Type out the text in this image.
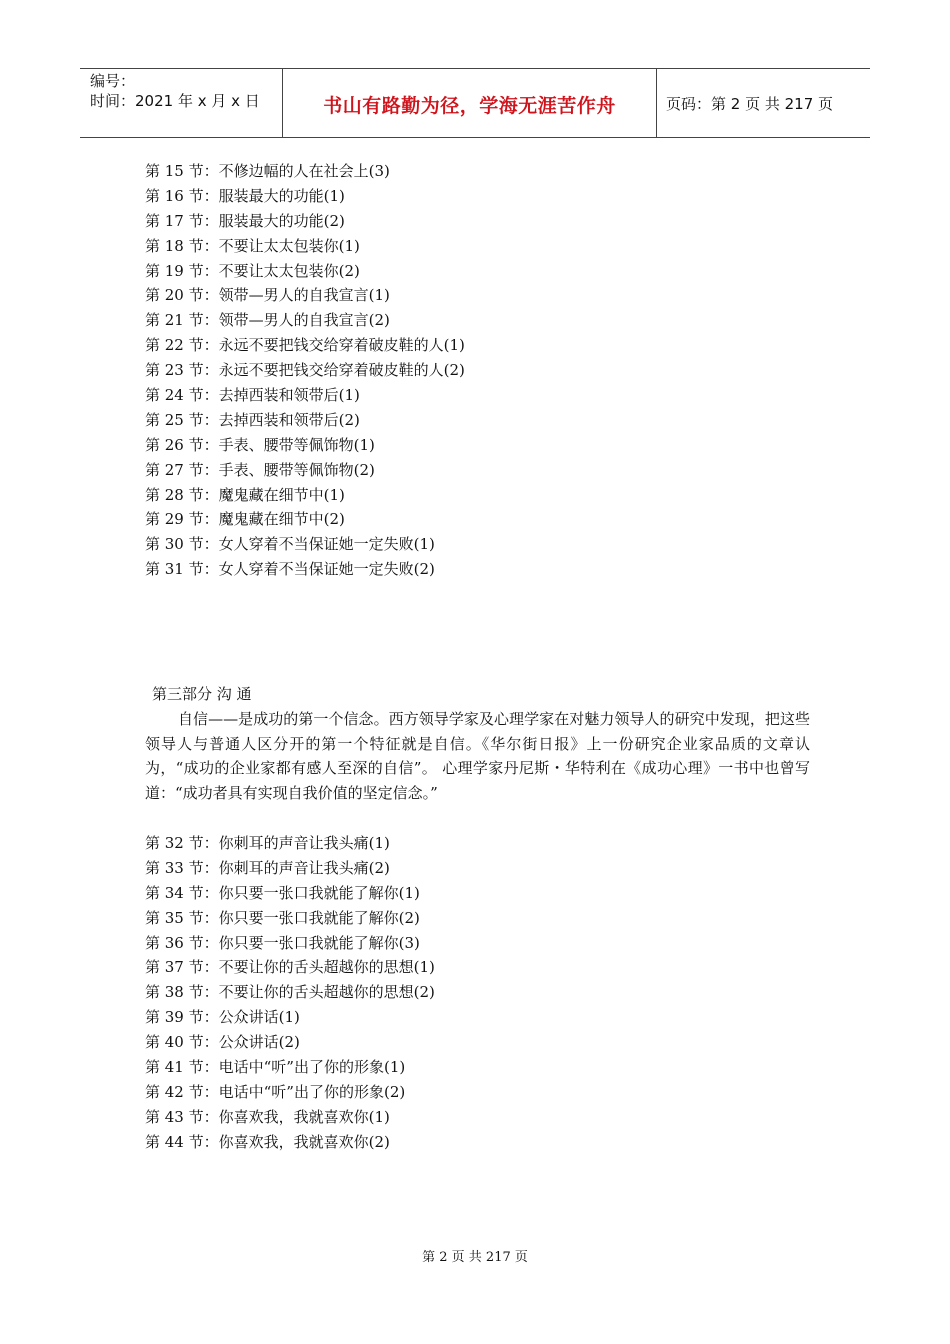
编号：
时间：2021 年 x 月 x 日	书山有路勤为径，学海无涯苦作舟	页码：第 2 页 共 217 页
第 15 节：不修边幅的人在社会上(3)
第 16 节：服装最大的功能(1)
第 17 节：服装最大的功能(2)
第 18 节：不要让太太包装你(1)
第 19 节：不要让太太包装你(2)
第 20 节：领带—男人的自我宣言(1)
第 21 节：领带—男人的自我宣言(2)
第 22 节：永远不要把钱交给穿着破皮鞋的人(1)
第 23 节：永远不要把钱交给穿着破皮鞋的人(2)
第 24 节：去掉西装和领带后(1)
第 25 节：去掉西装和领带后(2)
第 26 节：手表、腰带等佩饰物(1)
第 27 节：手表、腰带等佩饰物(2)
第 28 节：魔鬼藏在细节中(1)
第 29 节：魔鬼藏在细节中(2)
第 30 节：女人穿着不当保证她一定失败(1)
第 31 节：女人穿着不当保证她一定失败(2)
第三部分 沟 通
自信——是成功的第一个信念。西方领导学家及心理学家在对魅力领导人的研究中发现，把这些领导人与普通人区分开的第一个特征就是自信。《华尔街日报》上一份研究企业家品质的文章认为，“成功的企业家都有感人至深的自信”。 心理学家丹尼斯・华特利在《成功心理》一书中也曾写道：“成功者具有实现自我价值的坚定信念。”
第 32 节：你刺耳的声音让我头痛(1)
第 33 节：你刺耳的声音让我头痛(2)
第 34 节：你只要一张口我就能了解你(1)
第 35 节：你只要一张口我就能了解你(2)
第 36 节：你只要一张口我就能了解你(3)
第 37 节：不要让你的舌头超越你的思想(1)
第 38 节：不要让你的舌头超越你的思想(2)
第 39 节：公众讲话(1)
第 40 节：公众讲话(2)
第 41 节：电话中“听”出了你的形象(1)
第 42 节：电话中“听”出了你的形象(2)
第 43 节：你喜欢我，我就喜欢你(1)
第 44 节：你喜欢我，我就喜欢你(2)
第 2 页 共 217 页
